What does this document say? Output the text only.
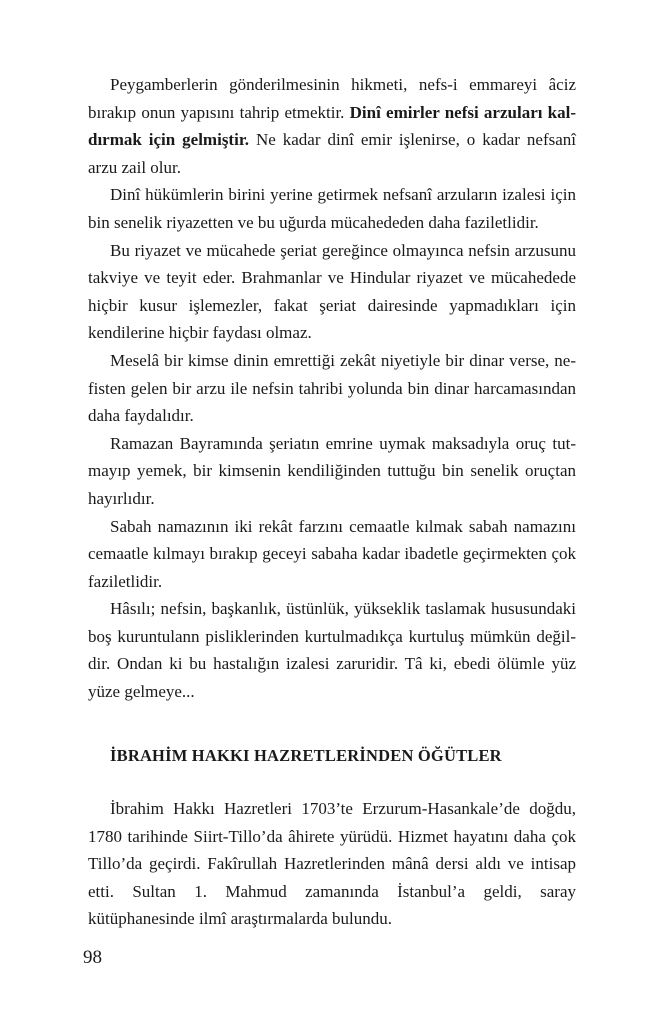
Peygamberlerin gönderilmesinin hikmeti, nefs-i emmareyi âciz bırakıp onun yapısını tahrip etmektir. Dinî emirler nefsi arzuları kaldırmak için gelmiştir. Ne kadar dinî emir işlenirse, o kadar nefsanî arzu zail olur.

Dinî hükümlerin birini yerine getirmek nefsanî arzuların izalesi için bin senelik riyazetten ve bu uğurda mücahededen daha faziletlidir.

Bu riyazet ve mücahede şeriat gereğince olmayınca nefsin arzusunu takviye ve teyit eder. Brahmanlar ve Hindular riyazet ve mücahedede hiçbir kusur işlemezler, fakat şeriat dairesinde yapmadıkları için kendilerine hiçbir faydası olmaz.

Meselâ bir kimse dinin emrettiği zekât niyetiyle bir dinar verse, nefisten gelen bir arzu ile nefsin tahribi yolunda bin dinar harcamasından daha faydalıdır.

Ramazan Bayramında şeriatın emrine uymak maksadıyla oruç tutmayıp yemek, bir kimsenin kendiliğinden tuttuğu bin senelik oruçtan hayırlıdır.

Sabah namazının iki rekât farzını cemaatle kılmak sabah namazını cemaatle kılmayı bırakıp geceyi sabaha kadar ibadetle geçirmekten çok faziletlidir.

Hâsılı; nefsin, başkanlık, üstünlük, yükseklik taslamak hususundaki boş kuruntulann pisliklerinden kurtulmadıkça kurtuluş mümkün değildir. Ondan ki bu hastalığın izalesi zaruridir. Tâ ki, ebedi ölümle yüz yüze gelmeye...

İBRAHİM HAKKI HAZRETLERİNDEN ÖĞÜTLER

İbrahim Hakkı Hazretleri 1703’te Erzurum-Hasankale’de doğdu, 1780 tarihinde Siirt-Tillo’da âhirete yürüdü. Hizmet hayatını daha çok Tillo’da geçirdi. Fakîrullah Hazretlerinden mânâ dersi aldı ve intisap etti. Sultan 1. Mahmud zamanında İstanbul’a geldi, saray kütüphanesinde ilmî araştırmalarda bulundu.

98
